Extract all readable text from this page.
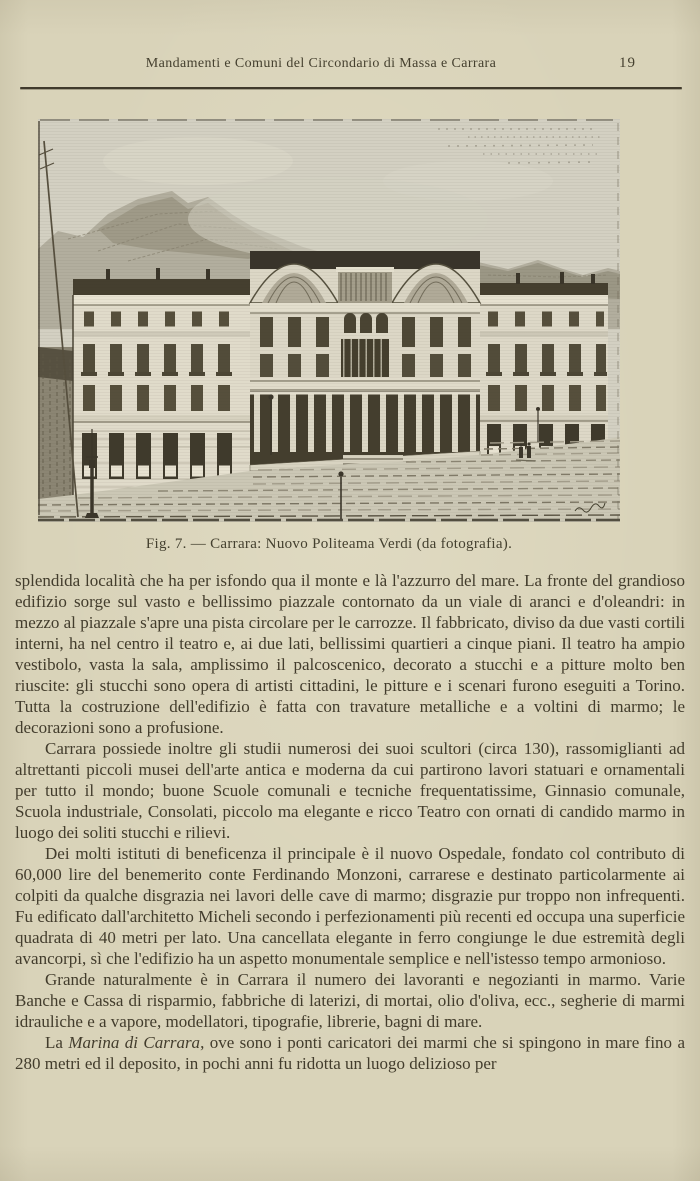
Mandamenti e Comuni del Circondario di Massa e Carrara	19
Fig. 7. — Carrara: Nuovo Politeama Verdi (da fotografia).

splendida località che ha per isfondo qua il monte e là l'azzurro del mare. La fronte del grandioso edifizio sorge sul vasto e bellissimo piazzale contornato da un viale di aranci e d'oleandri: in mezzo al piazzale s'apre una pista circolare per le carrozze. Il fabbricato, diviso da due vasti cortili interni, ha nel centro il teatro e, ai due lati, bellissimi quartieri a cinque piani. Il teatro ha ampio vestibolo, vasta la sala, amplissimo il palcoscenico, decorato a stucchi e a pitture molto ben riuscite: gli stucchi sono opera di artisti cittadini, le pitture e i scenari furono eseguiti a Torino. Tutta la costruzione dell'edifizio è fatta con travature metalliche e a voltini di marmo; le decorazioni sono a profusione.

Carrara possiede inoltre gli studii numerosi dei suoi scultori (circa 130), rassomiglianti ad altrettanti piccoli musei dell'arte antica e moderna da cui partirono lavori statuari e ornamentali per tutto il mondo; buone Scuole comunali e tecniche frequentatissime, Ginnasio comunale, Scuola industriale, Consolati, piccolo ma elegante e ricco Teatro con ornati di candido marmo in luogo dei soliti stucchi e rilievi.

Dei molti istituti di beneficenza il principale è il nuovo Ospedale, fondato col contributo di 60,000 lire del benemerito conte Ferdinando Monzoni, carrarese e destinato particolarmente ai colpiti da qualche disgrazia nei lavori delle cave di marmo; disgrazie pur troppo non infrequenti. Fu edificato dall'architetto Micheli secondo i perfezionamenti più recenti ed occupa una superficie quadrata di 40 metri per lato. Una cancellata elegante in ferro congiunge le due estremità degli avancorpi, sì che l'edifizio ha un aspetto monumentale semplice e nell'istesso tempo armonioso.

Grande naturalmente è in Carrara il numero dei lavoranti e negozianti in marmo. Varie Banche e Cassa di risparmio, fabbriche di laterizi, di mortai, olio d'oliva, ecc., segherie di marmi idrauliche e a vapore, modellatori, tipografie, librerie, bagni di mare.

La Marina di Carrara, ove sono i ponti caricatori dei marmi che si spingono in mare fino a 280 metri ed il deposito, in pochi anni fu ridotta un luogo delizioso per
